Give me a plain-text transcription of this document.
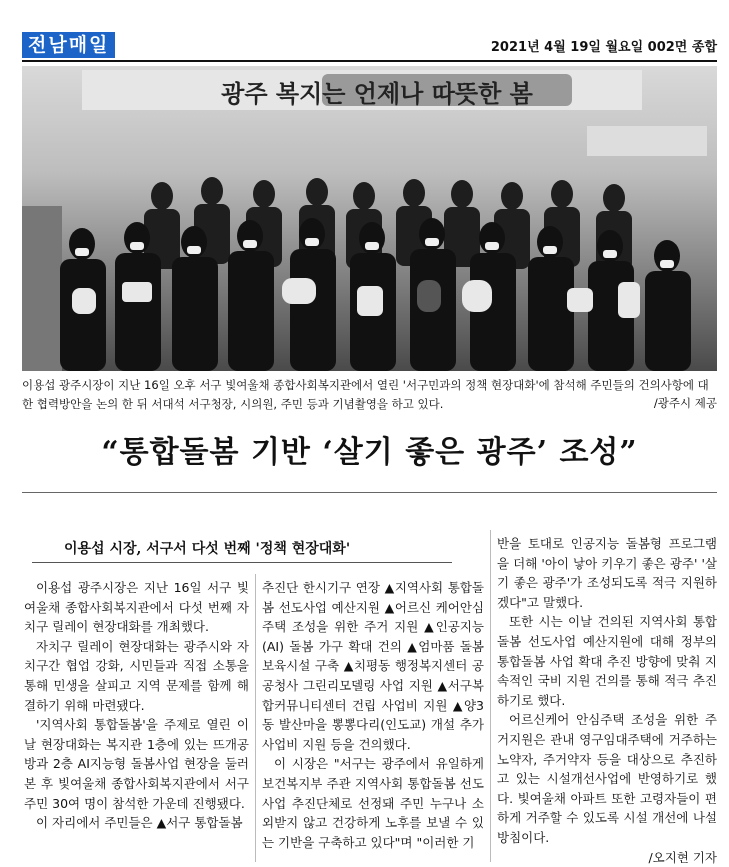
전남매일	2021년 4월 19일 월요일 002면 종합
광주 복지는 언제나 따뜻한 봄
이용섭 광주시장이 지난 16일 오후 서구 빛여울채 종합사회복지관에서 열린 '서구민과의 정책 현장대화'에 참석해 주민들의 건의사항에 대한 협력방안을 논의 한 뒤 서대석 서구청장, 시의원, 주민 등과 기념촬영을 하고 있다.	/광주시 제공
“통합돌봄 기반 ‘살기 좋은 광주’ 조성”
이용섭 시장, 서구서 다섯 번째 '정책 현장대화'

이용섭 광주시장은 지난 16일 서구 빛여울채 종합사회복지관에서 다섯 번째 자치구 릴레이 현장대화를 개최했다.

자치구 릴레이 현장대화는 광주시와 자치구간 협업 강화, 시민들과 직접 소통을 통해 민생을 살피고 지역 문제를 함께 해결하기 위해 마련됐다.

'지역사회 통합돌봄'을 주제로 열린 이날 현장대화는 복지관 1층에 있는 뜨개공방과 2층 AI지능형 돌봄사업 현장을 둘러본 후 빛여울채 종합사회복지관에서 서구 주민 30여 명이 참석한 가운데 진행됐다.

이 자리에서 주민들은 ▲서구 통합돌봄

추진단 한시기구 연장 ▲지역사회 통합돌봄 선도사업 예산지원 ▲어르신 케어안심주택 조성을 위한 주거 지원 ▲인공지능(AI) 돌봄 가구 확대 건의 ▲엄마품 돌봄 보육시설 구축 ▲치평동 행정복지센터 공공청사 그린리모델링 사업 지원 ▲서구복합커뮤니티센터 건립 사업비 지원 ▲양3동 발산마을 뽕뽕다리(인도교) 개설 추가사업비 지원 등을 건의했다.

이 시장은 "서구는 광주에서 유일하게 보건복지부 주관 지역사회 통합돌봄 선도사업 추진단체로 선정돼 주민 누구나 소외받지 않고 건강하게 노후를 보낼 수 있는 기반을 구축하고 있다"며 "이러한 기

반을 토대로 인공지능 돌봄형 프로그램을 더해 '아이 낳아 키우기 좋은 광주' '살기 좋은 광주'가 조성되도록 적극 지원하겠다"고 말했다.

또한 시는 이날 건의된 지역사회 통합돌봄 선도사업 예산지원에 대해 정부의 통합돌봄 사업 확대 추진 방향에 맞춰 지속적인 국비 지원 건의를 통해 적극 추진하기로 했다.

어르신케어 안심주택 조성을 위한 주거지원은 관내 영구임대주택에 거주하는 노약자, 주거약자 등을 대상으로 추진하고 있는 시설개선사업에 반영하기로 했다. 빛여울채 아파트 또한 고령자들이 편하게 거주할 수 있도록 시설 개선에 나설 방침이다.

/오지현 기자
